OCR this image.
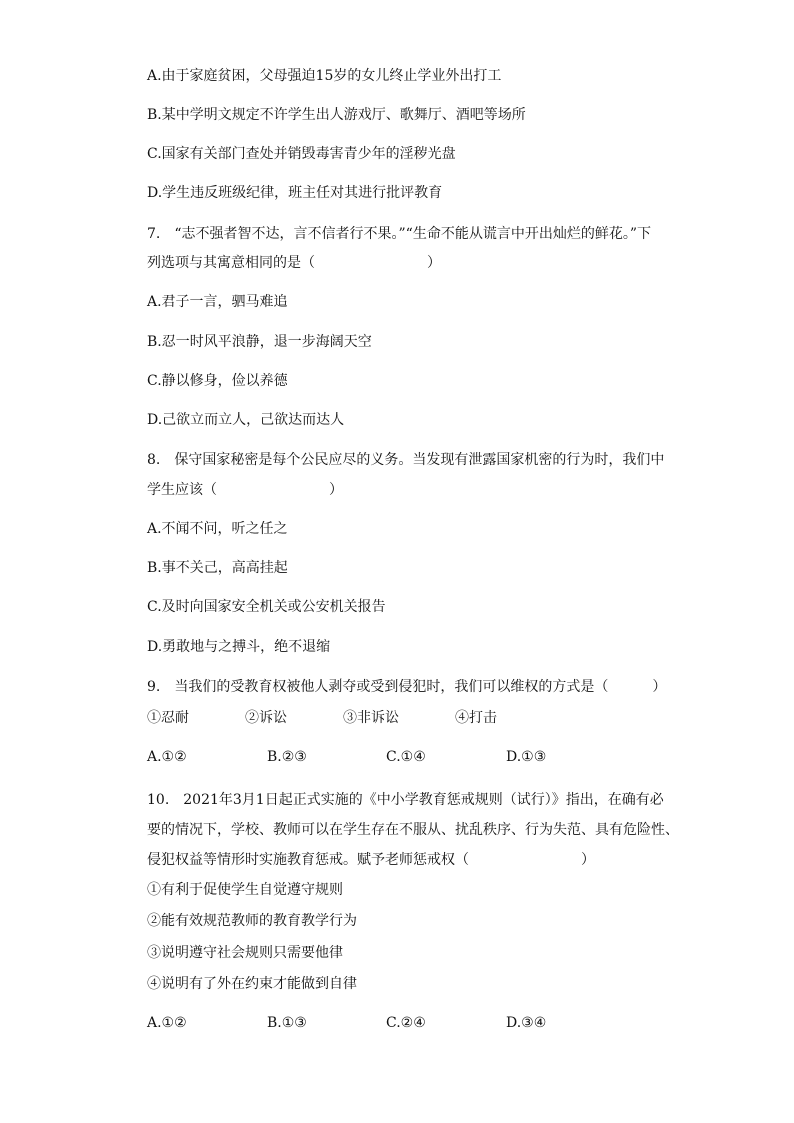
A.由于家庭贫困，父母强迫15岁的女儿终止学业外出打工
B.某中学明文规定不许学生出人游戏厅、歌舞厅、酒吧等场所
C.国家有关部门查处并销毁毒害青少年的淫秽光盘
D.学生违反班级纪律，班主任对其进行批评教育
7.　“志不强者智不达，言不信者行不果。”“生命不能从谎言中开出灿烂的鲜花。”下
列选项与其寓意相同的是（	）
A.君子一言，驷马难追
B.忍一时风平浪静，退一步海阔天空
C.静以修身，俭以养德
D.己欲立而立人，己欲达而达人
8.　保守国家秘密是每个公民应尽的义务。当发现有泄露国家机密的行为时，我们中
学生应该（	）
A.不闻不问，听之任之
B.事不关己，高高挂起
C.及时向国家安全机关或公安机关报告
D.勇敢地与之搏斗，绝不退缩
9.　当我们的受教育权被他人剥夺或受到侵犯时，我们可以维权的方式是（	）
①忍耐	②诉讼	③非诉讼	④打击
A.①②	B.②③	C.①④	D.①③
10.　2021年3月1日起正式实施的《中小学教育惩戒规则（试行）》指出，在确有必
要的情况下，学校、教师可以在学生存在不服从、扰乱秩序、行为失范、具有危险性、
侵犯权益等情形时实施教育惩戒。赋予老师惩戒权（	）
①有利于促使学生自觉遵守规则
②能有效规范教师的教育教学行为
③说明遵守社会规则只需要他律
④说明有了外在约束才能做到自律
A.①②	B.①③	C.②④	D.③④
